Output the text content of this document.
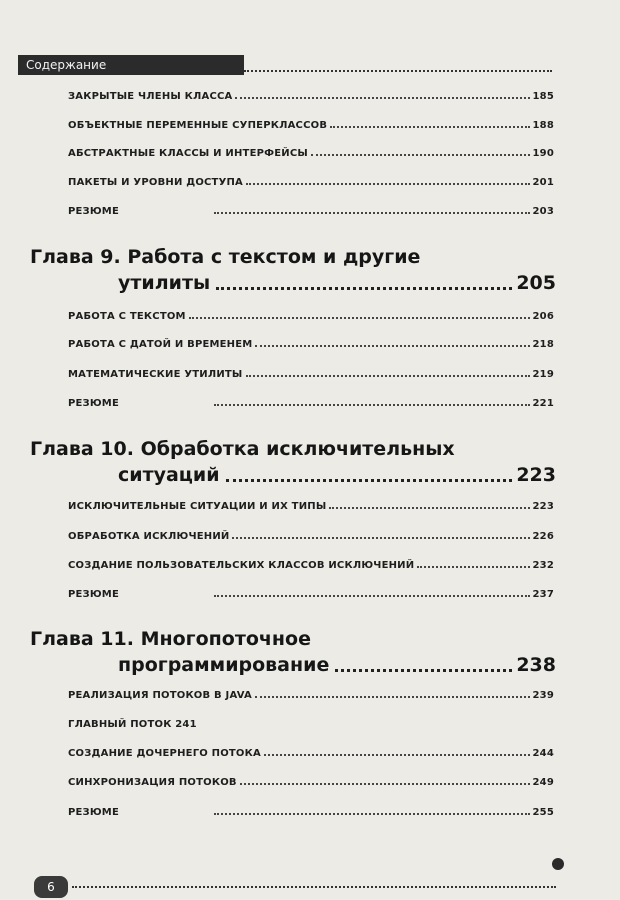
Содержание
ЗАКРЫТЫЕ ЧЛЕНЫ КЛАССА	185
ОБЪЕКТНЫЕ ПЕРЕМЕННЫЕ СУПЕРКЛАССОВ	188
АБСТРАКТНЫЕ КЛАССЫ И ИНТЕРФЕЙСЫ	190
ПАКЕТЫ И УРОВНИ ДОСТУПА	201
РЕЗЮМЕ	203
Глава 9. Работа с текстом и другие
утилиты	205
РАБОТА С ТЕКСТОМ	206
РАБОТА С ДАТОЙ И ВРЕМЕНЕМ	218
МАТЕМАТИЧЕСКИЕ УТИЛИТЫ	219
РЕЗЮМЕ	221
Глава 10. Обработка исключительных
ситуаций	223
ИСКЛЮЧИТЕЛЬНЫЕ СИТУАЦИИ И ИХ ТИПЫ	223
ОБРАБОТКА ИСКЛЮЧЕНИЙ	226
СОЗДАНИЕ ПОЛЬЗОВАТЕЛЬСКИХ КЛАССОВ ИСКЛЮЧЕНИЙ	232
РЕЗЮМЕ	237
Глава 11. Многопоточное
программирование	238
РЕАЛИЗАЦИЯ ПОТОКОВ В JAVA	239
ГЛАВНЫЙ ПОТОК 241
СОЗДАНИЕ ДОЧЕРНЕГО ПОТОКА	244
СИНХРОНИЗАЦИЯ ПОТОКОВ	249
РЕЗЮМЕ	255
6
